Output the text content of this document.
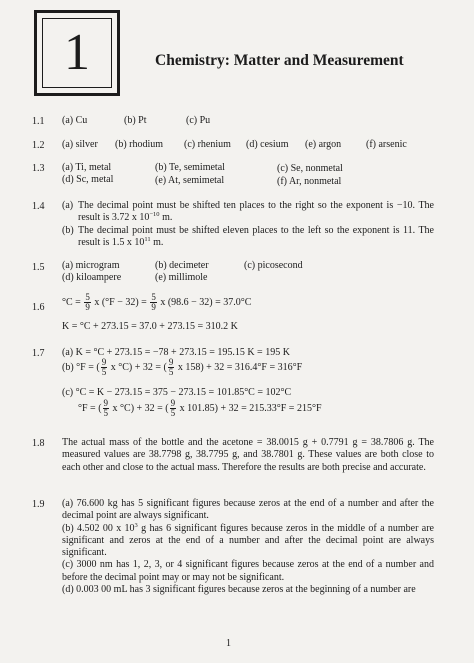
1	Chemistry: Matter and Measurement
1.1 (a) Cu	(b) Pt	(c) Pu
1.2 (a) silver (b) rhodium (c) rhenium (d) cesium (e) argon (f) arsenic
1.3 (a) Ti, metal	(b) Te, semimetal	(c) Se, nonmetal
(d) Sc, metal	(e) At, semimetal	(f) Ar, nonmetal
1.4 (a) The decimal point must be shifted ten places to the right so the exponent is −10. The result is 3.72 x $10^{-10}$ m.
(b) The decimal point must be shifted eleven places to the left so the exponent is 11. The result is 1.5 x $10^{11}$ m.
1.5 (a) microgram	(b) decimeter	(c) picosecond
(d) kiloampere	(e) millimole
1.6 $^\circ C = \frac{5}{9}$ x $(^\circ F - 32) = \frac{5}{9}$ x (98.6 − 32) = 37.0°C
K = °C + 273.15 = 37.0 + 273.15 = 310.2 K
1.7 (a) K = °C + 273.15 = −78 + 273.15 = 195.15 K = 195 K
(b) °F = ( $\frac{9}{5}$ x °C) + 32 = ( $\frac{9}{5}$ x 158) + 32 = 316.4°F = 316°F
(c) °C = K − 273.15 = 375 − 273.15 = 101.85°C = 102°C
°F = ( $\frac{9}{5}$ x °C) + 32 = ( $\frac{9}{5}$ x 101.85) + 32 = 215.33°F = 215°F
1.8 The actual mass of the bottle and the acetone = 38.0015 g + 0.7791 g = 38.7806 g. The measured values are 38.7798 g, 38.7795 g, and 38.7801 g. These values are both close to each other and close to the actual mass. Therefore the results are both precise and accurate.
1.9 (a) 76.600 kg has 5 significant figures because zeros at the end of a number and after the decimal point are always significant.

(b) 4.502 00 x $10^3$ g has 6 significant figures because zeros in the middle of a number are significant and zeros at the end of a number and after the decimal point are always significant.

(c) 3000 nm has 1, 2, 3, or 4 significant figures because zeros at the end of a number and before the decimal point may or may not be significant.

(d) 0.003 00 mL has 3 significant figures because zeros at the beginning of a number are

1
